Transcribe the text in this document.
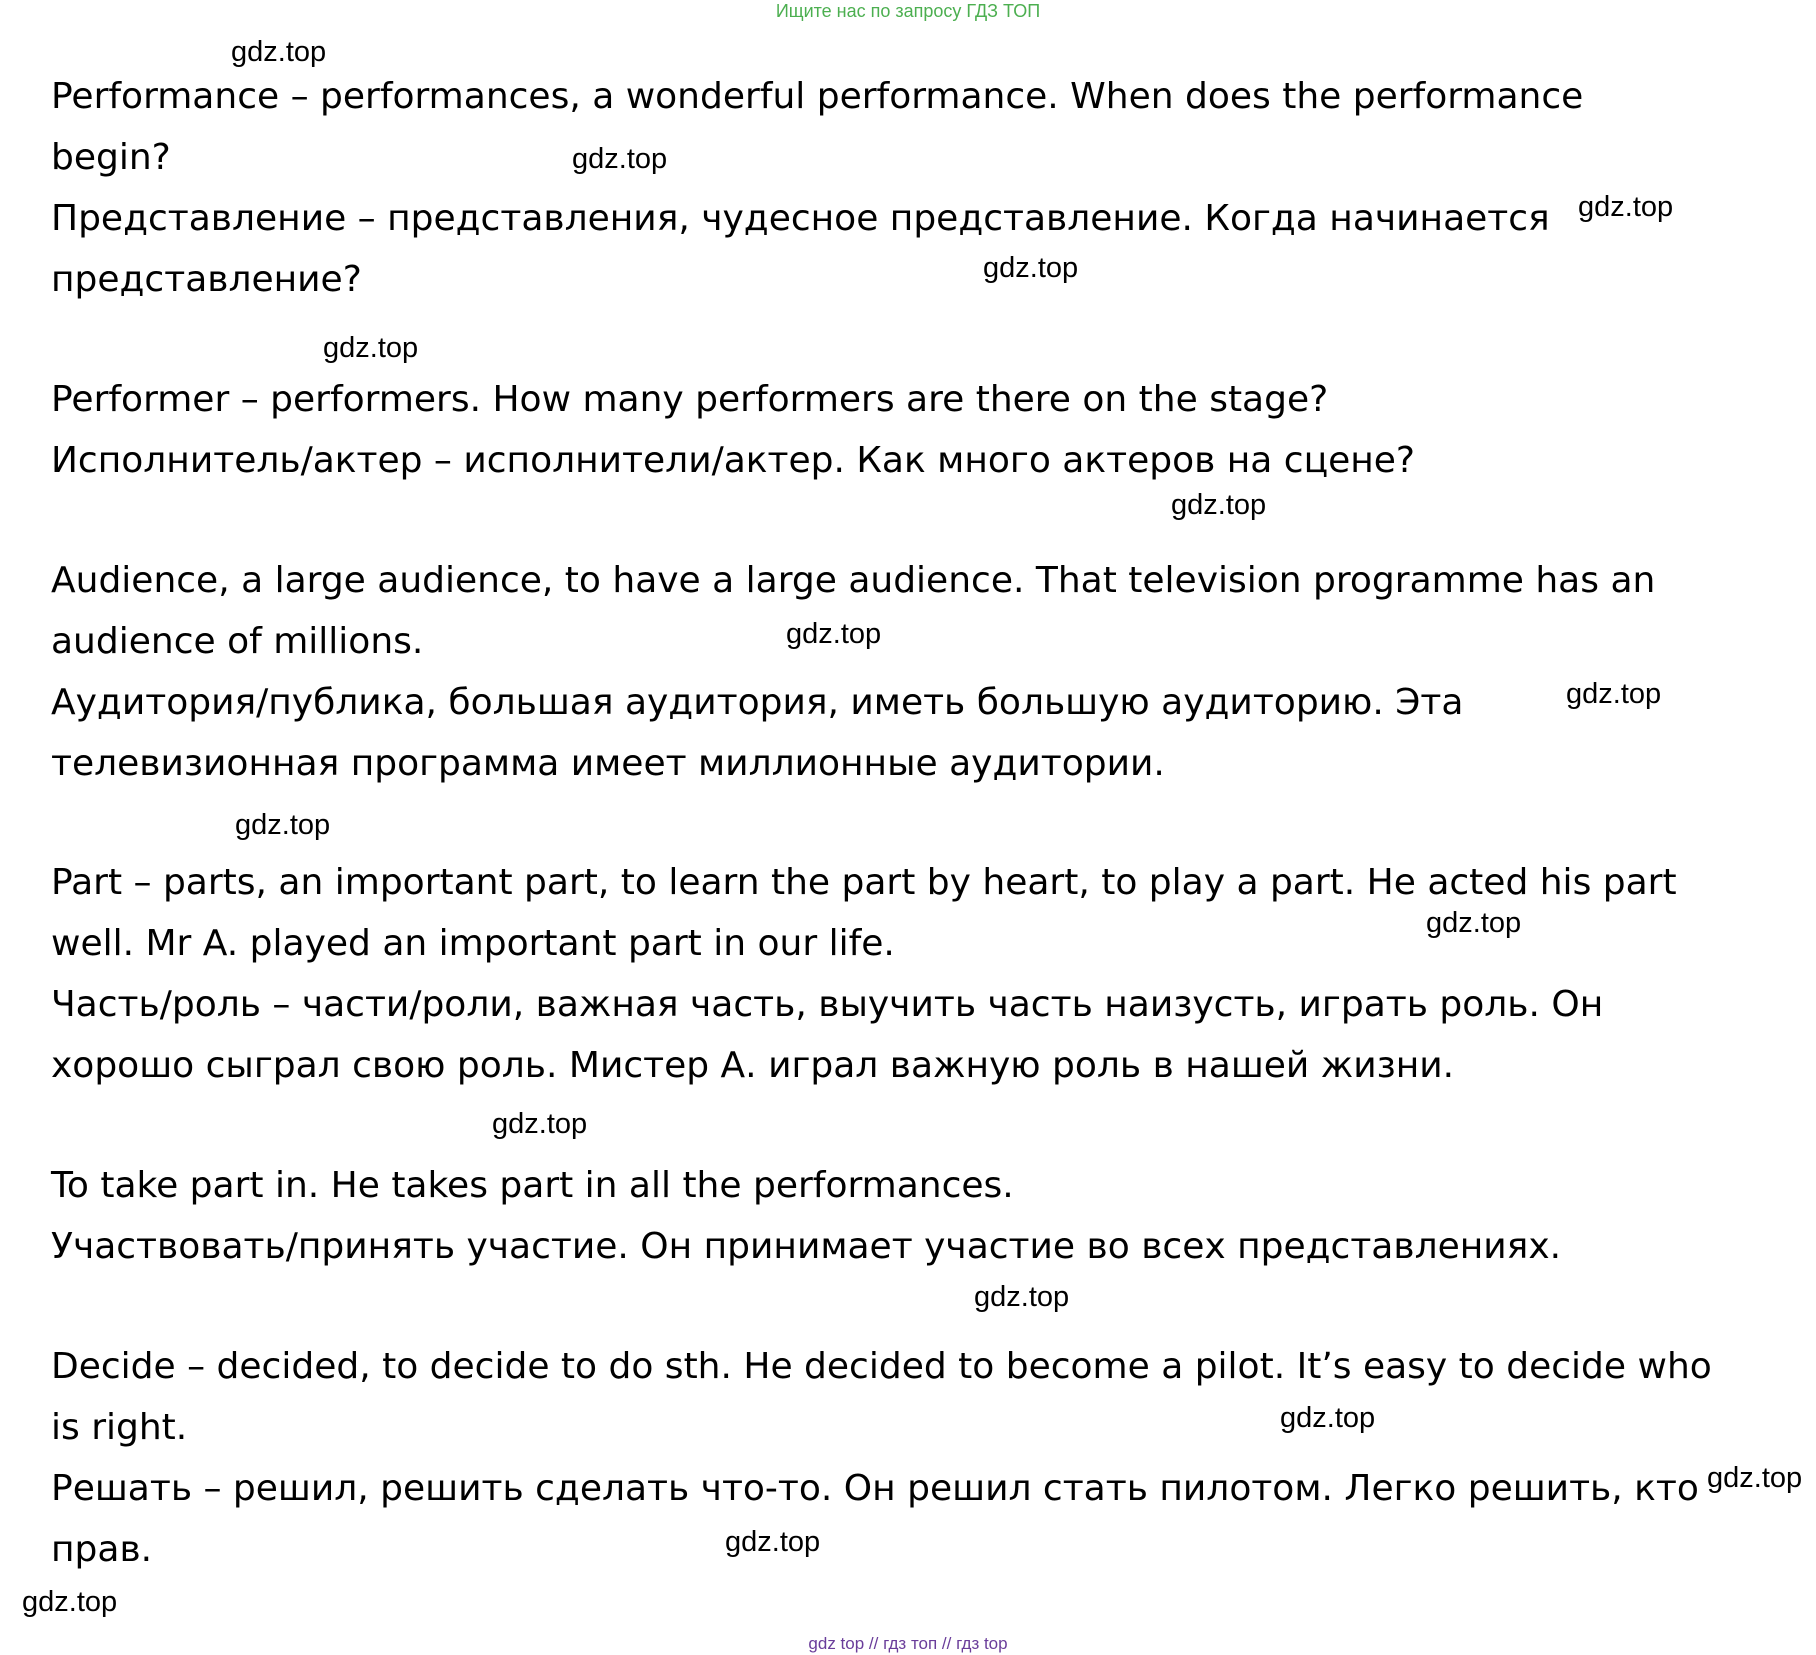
Ищите нас по запросу ГДЗ ТОП

Performance – performances, a wonderful performance. When does the performance
begin?
Представление – представления, чудесное представление. Когда начинается
представление?
Performer – performers. How many performers are there on the stage?
Исполнитель/актер – исполнители/актер. Как много актеров на сцене?
Audience, a large audience, to have a large audience. That television programme has an
audience of millions.
Аудитория/публика, большая аудитория, иметь большую аудиторию. Эта
телевизионная программа имеет миллионные аудитории.
Part – parts, an important part, to learn the part by heart, to play a part. He acted his part
well. Mr A. played an important part in our life.
Часть/роль – части/роли, важная часть, выучить часть наизусть, играть роль. Он
хорошо сыграл свою роль. Мистер А. играл важную роль в нашей жизни.
To take part in. He takes part in all the performances.
Участвовать/принять участие. Он принимает участие во всех представлениях.
Decide – decided, to decide to do sth. He decided to become a pilot. It’s easy to decide who
is right.
Решать – решил, решить сделать что-то. Он решил стать пилотом. Легко решить, кто
прав.
gdz.top
gdz.top
gdz.top
gdz.top
gdz.top
gdz.top
gdz.top
gdz.top
gdz.top
gdz.top
gdz.top
gdz.top
gdz.top
gdz.top
gdz.top
gdz.top

gdz top // гдз топ // гдз top
